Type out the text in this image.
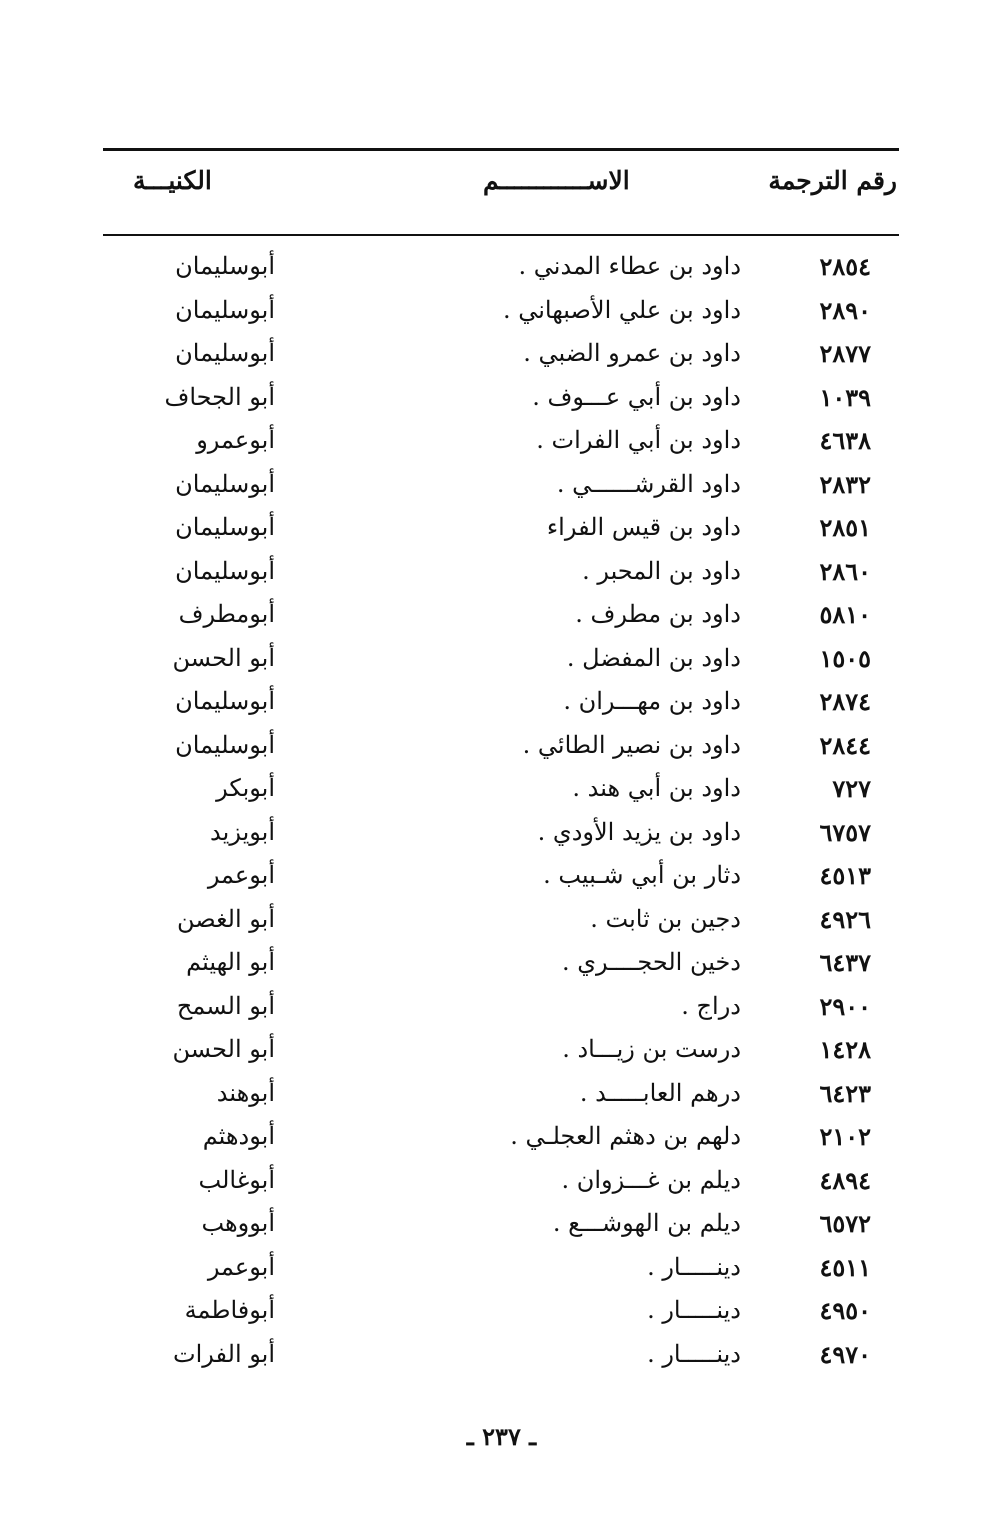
رقم الترجمة
الاســــــــــــم
الكنيـــة
٢٨٥٤
داود بن عطاء المدني .
أبوسليمان
٢٨٩٠
داود بن علي الأصبهاني .
أبوسليمان
٢٨٧٧
داود بن عمرو الضبي .
أبوسليمان
١٠٣٩
داود بن أبي عـــوف .
أبو الجحاف
٤٦٣٨
داود بن أبي الفرات .
أبوعمرو
٢٨٣٢
داود القرشــــــي .
أبوسليمان
٢٨٥١
داود بن قيس الفراء
أبوسليمان
٢٨٦٠
داود بن المحبر .
أبوسليمان
٥٨١٠
داود بن مطرف .
أبومطرف
١٥٠٥
داود بن المفضل .
أبو الحسن
٢٨٧٤
داود بن مهـــران .
أبوسليمان
٢٨٤٤
داود بن نصير الطائي .
أبوسليمان
٧٢٧
داود بن أبي هند .
أبوبكر
٦٧٥٧
داود بن يزيد الأودي .
أبويزيد
٤٥١٣
دثار بن أبي شـبيب .
أبوعمر
٤٩٢٦
دجين بن ثابت .
أبو الغصن
٦٤٣٧
دخين الحجــــري .
أبو الهيثم
٢٩٠٠
دراج .
أبو السمح
١٤٢٨
درست بن زيـــاد .
أبو الحسن
٦٤٢٣
درهم العابـــــد .
أبوهند
٢١٠٢
دلهم بن دهثم العجلـي .
أبودهثم
٤٨٩٤
ديلم بن غـــزوان .
أبوغالب
٦٥٧٢
ديلم بن الهوشـــع .
أبووهب
٤٥١١
دينـــــار .
أبوعمر
٤٩٥٠
دينـــــار .
أبوفاطمة
٤٩٧٠
دينـــــار .
أبو الفرات
ـ ٢٣٧ ـ
